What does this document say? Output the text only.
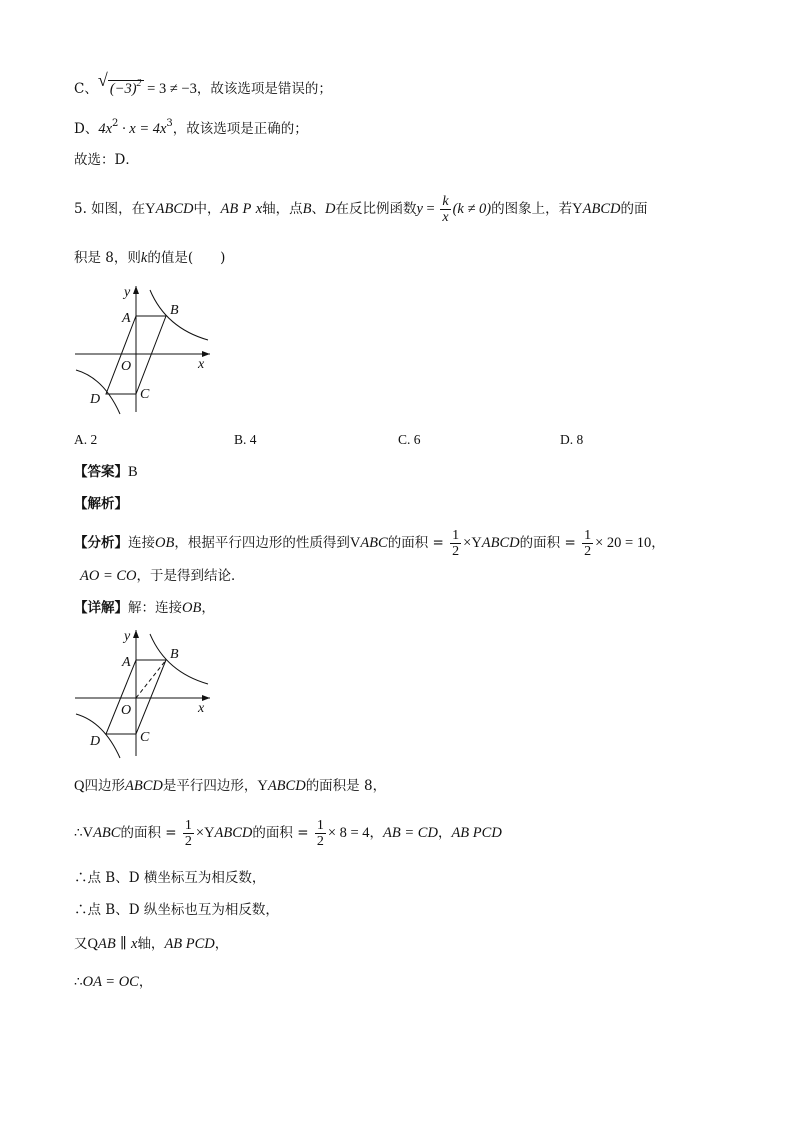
C、 √ $(-3)^2 = 3 \ne -3$，故该选项是错误的；
D、$4x^2 \cdot x = 4x^3$，故该选项是正确的；
故选：D．
5. 如图，在YABCD中，AB P x轴，点B、D在反比例函数$y = \frac{k}{x} (k \ne 0)$的图象上，若YABCD的面
积是 8，则k的值是(　　)
A
B
C
D
O
y
x
A. 2	B. 4	C. 6	D. 8
【答案】B
【解析】
【分析】连接OB，根据平行四边形的性质得到VABC的面积 = $\frac{1}{2}$ ×YABCD的面积 = $\frac{1}{2} \times 20 = 10$，
AO = CO，于是得到结论．
【详解】解：连接OB，
A
B
C
D
O
y
x
Q四边形ABCD是平行四边形，YABCD的面积是 8，
∴VABC的面积 = $\frac{1}{2}$ ×YABCD的面积 = $\frac{1}{2} \times 8 = 4$，AB = CD，AB PCD
∴点 B、D 横坐标互为相反数，
∴点 B、D 纵坐标也互为相反数，
又QAB ∥ x轴，AB PCD，
∴OA = OC，
